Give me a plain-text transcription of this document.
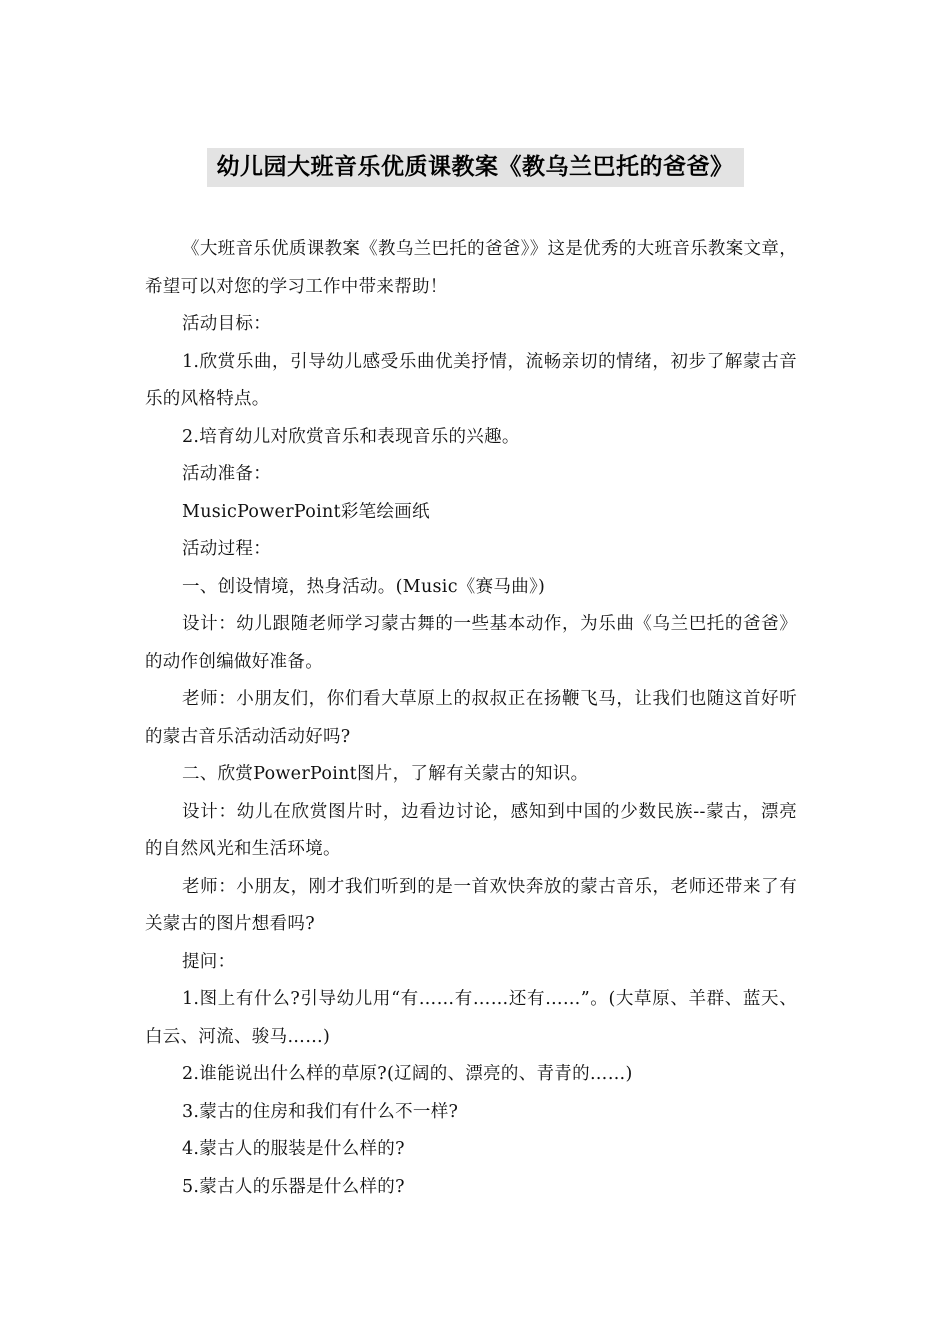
幼儿园大班音乐优质课教案《教乌兰巴托的爸爸》

《大班音乐优质课教案《教乌兰巴托的爸爸》》这是优秀的大班音乐教案文章，希望可以对您的学习工作中带来帮助！

活动目标：

1.欣赏乐曲，引导幼儿感受乐曲优美抒情，流畅亲切的情绪，初步了解蒙古音乐的风格特点。

2.培育幼儿对欣赏音乐和表现音乐的兴趣。

活动准备：

MusicPowerPoint彩笔绘画纸

活动过程：

一、创设情境，热身活动。(Music《赛马曲》)

设计：幼儿跟随老师学习蒙古舞的一些基本动作，为乐曲《乌兰巴托的爸爸》的动作创编做好准备。

老师：小朋友们，你们看大草原上的叔叔正在扬鞭飞马，让我们也随这首好听的蒙古音乐活动活动好吗?

二、欣赏PowerPoint图片，了解有关蒙古的知识。

设计：幼儿在欣赏图片时，边看边讨论，感知到中国的少数民族--蒙古，漂亮的自然风光和生活环境。

老师：小朋友，刚才我们听到的是一首欢快奔放的蒙古音乐，老师还带来了有关蒙古的图片想看吗?

提问：

1.图上有什么?引导幼儿用“有……有……还有……”。(大草原、羊群、蓝天、白云、河流、骏马……)

2.谁能说出什么样的草原?(辽阔的、漂亮的、青青的……)

3.蒙古的住房和我们有什么不一样?

4.蒙古人的服装是什么样的?

5.蒙古人的乐器是什么样的?
